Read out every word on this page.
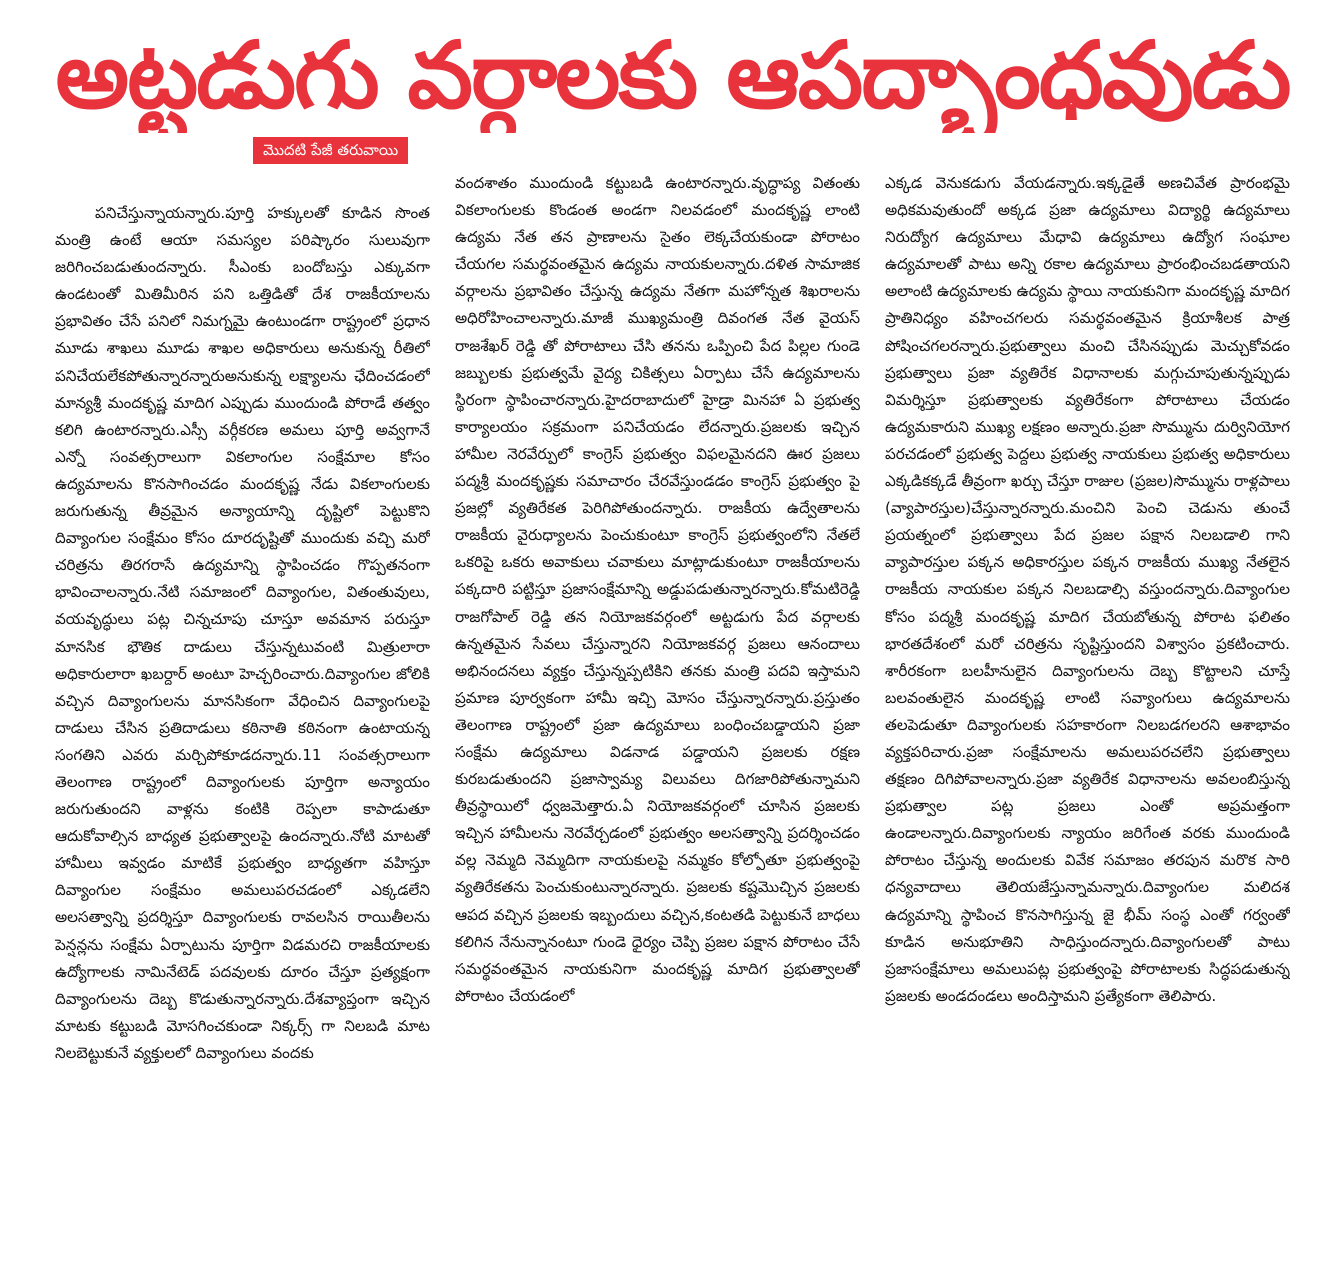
అట్టడుగు వర్గాలకు ఆపద్బాంధవుడు
మొదటి పేజీ తరువాయి
పనిచేస్తున్నాయన్నారు.పూర్తి హక్కులతో కూడిన సొంత మంత్రి ఉంటే ఆయా సమస్యల పరిష్కారం సులువుగా జరిగించబడుతుందన్నారు. సీఎంకు బందోబస్తు ఎక్కువగా ఉండటంతో మితిమీరిన పని ఒత్తిడితో దేశ రాజకీయాలను ప్రభావితం చేసే పనిలో నిమగ్నమై ఉంటుండగా రాష్ట్రంలో ప్రధాన మూడు శాఖలు మూడు శాఖల అధికారులు అనుకున్న రీతిలో పనిచేయలేకపోతున్నారన్నారుఅనుకున్న లక్ష్యాలను ఛేదించడంలో మాన్యశ్రీ మందకృష్ణ మాదిగ ఎప్పుడు ముందుండి పోరాడే తత్వం కలిగి ఉంటారన్నారు.ఎస్సీ వర్గీకరణ అమలు పూర్తి అవ్వగానే ఎన్నో సంవత్సరాలుగా వికలాంగుల సంక్షేమాల కోసం ఉద్యమాలను కొనసాగించడం మందకృష్ణ నేడు వికలాంగులకు జరుగుతున్న తీవ్రమైన అన్యాయాన్ని దృష్టిలో పెట్టుకొని దివ్యాంగుల సంక్షేమం కోసం దూరదృష్టితో ముందుకు వచ్చి మరో చరిత్రను తిరగరాసే ఉద్యమాన్ని స్థాపించడం గొప్పతనంగా భావించాలన్నారు.నేటి సమాజంలో దివ్యాంగుల, వితంతువులు, వయవృద్ధులు పట్ల చిన్నచూపు చూస్తూ అవమాన పరుస్తూ మానసిక భౌతిక దాడులు చేస్తున్నటువంటి మిత్రులారా అధికారులారా ఖబర్దార్ అంటూ హెచ్చరించారు.దివ్యాంగుల జోలికి వచ్చిన దివ్యాంగులను మానసికంగా వేధించిన దివ్యాంగులపై దాడులు చేసిన ప్రతిదాడులు కఠినాతి కఠినంగా ఉంటాయన్న సంగతిని ఎవరు మర్చిపోకూడదన్నారు.11 సంవత్సరాలుగా తెలంగాణ రాష్ట్రంలో దివ్యాంగులకు పూర్తిగా అన్యాయం జరుగుతుందని వాళ్లను కంటికి రెప్పలా కాపాడుతూ ఆదుకోవాల్సిన బాధ్యత ప్రభుత్వాలపై ఉందన్నారు.నోటి మాటతో హామీలు ఇవ్వడం మాటికే ప్రభుత్వం బాధ్యతగా వహిస్తూ దివ్యాంగుల సంక్షేమం అమలుపరచడంలో ఎక్కడలేని అలసత్వాన్ని ప్రదర్శిస్తూ దివ్యాంగులకు రావలసిన రాయితీలను పెన్షన్లను సంక్షేమ ఏర్పాటును పూర్తిగా విడమరచి రాజకీయాలకు ఉద్యోగాలకు నామినేటెడ్ పదవులకు దూరం చేస్తూ ప్రత్యక్షంగా దివ్యాంగులను దెబ్బ కొడుతున్నారన్నారు.దేశవ్యాప్తంగా ఇచ్చిన మాటకు కట్టుబడి మోసగించకుండా నిక్కర్స్ గా నిలబడి మాట నిలబెట్టుకునే వ్యక్తులలో దివ్యాంగులు వందకు
వందశాతం ముందుండి కట్టుబడి ఉంటారన్నారు.వృద్ధాప్య వితంతు వికలాంగులకు కొండంత అండగా నిలవడంలో మందకృష్ణ లాంటి ఉద్యమ నేత తన ప్రాణాలను సైతం లెక్కచేయకుండా పోరాటం చేయగల సమర్థవంతమైన ఉద్యమ నాయకులన్నారు.దళిత సామాజిక వర్గాలను ప్రభావితం చేస్తున్న ఉద్యమ నేతగా మహోన్నత శిఖరాలను అధిరోహించాలన్నారు.మాజీ ముఖ్యమంత్రి దివంగత నేత వైయస్ రాజశేఖర్ రెడ్డి తో పోరాటాలు చేసి తనను ఒప్పించి పేద పిల్లల గుండె జబ్బులకు ప్రభుత్వమే వైద్య చికిత్సలు ఏర్పాటు చేసే ఉద్యమాలను స్థిరంగా స్థాపించారన్నారు.హైదరాబాదులో హైడ్రా మినహా ఏ ప్రభుత్వ కార్యాలయం సక్రమంగా పనిచేయడం లేదన్నారు.ప్రజలకు ఇచ్చిన హామీల నెరవేర్పులో కాంగ్రెస్ ప్రభుత్వం విఫలమైనదని ఊర ప్రజలు పద్మశ్రీ మందకృష్ణకు సమాచారం చేరవేస్తుండడం కాంగ్రెస్ ప్రభుత్వం పై ప్రజల్లో వ్యతిరేకత పెరిగిపోతుందన్నారు. రాజకీయ ఉద్వేతాలను రాజకీయ వైరుధ్యాలను పెంచుకుంటూ కాంగ్రెస్ ప్రభుత్వంలోని నేతలే ఒకరిపై ఒకరు అవాకులు చవాకులు మాట్లాడుకుంటూ రాజకీయాలను పక్కదారి పట్టిస్తూ ప్రజాసంక్షేమాన్ని అడ్డుపడుతున్నారన్నారు.కోమటిరెడ్డి రాజగోపాల్ రెడ్డి తన నియోజకవర్గంలో అట్టడుగు పేద వర్గాలకు ఉన్నతమైన సేవలు చేస్తున్నారని నియోజకవర్గ ప్రజలు ఆనందాలు అభినందనలు వ్యక్తం చేస్తున్నప్పటికిని తనకు మంత్రి పదవి ఇస్తామని ప్రమాణ పూర్వకంగా హామీ ఇచ్చి మోసం చేస్తున్నారన్నారు.ప్రస్తుతం తెలంగాణ రాష్ట్రంలో ప్రజా ఉద్యమాలు బంధించబడ్డాయని ప్రజా సంక్షేమ ఉద్యమాలు విడనాడ పడ్డాయని ప్రజలకు రక్షణ కురబడుతుందని ప్రజాస్వామ్య విలువలు దిగజారిపోతున్నామని తీవ్రస్థాయిలో ధ్వజమెత్తారు.ఏ నియోజకవర్గంలో చూసిన ప్రజలకు ఇచ్చిన హామీలను నెరవేర్చడంలో ప్రభుత్వం అలసత్వాన్ని ప్రదర్శించడం వల్ల నెమ్మది నెమ్మదిగా నాయకులపై నమ్మకం కోల్పోతూ ప్రభుత్వంపై వ్యతిరేకతను పెంచుకుంటున్నారన్నారు. ప్రజలకు కష్టమొచ్చిన ప్రజలకు ఆపద వచ్చిన ప్రజలకు ఇబ్బందులు వచ్చిన,కంటతడి పెట్టుకునే బాధలు కలిగిన నేనున్నానంటూ గుండె ధైర్యం చెప్పి ప్రజల పక్షాన పోరాటం చేసే సమర్థవంతమైన నాయకునిగా మందకృష్ణ మాదిగ ప్రభుత్వాలతో పోరాటం చేయడంలో
ఎక్కడ వెనుకడుగు వేయడన్నారు.ఇక్కడైతే అణచివేత ప్రారంభమై అధికమవుతుందో అక్కడ ప్రజా ఉద్యమాలు విద్యార్థి ఉద్యమాలు నిరుద్యోగ ఉద్యమాలు మేధావి ఉద్యమాలు ఉద్యోగ సంఘాల ఉద్యమాలతో పాటు అన్ని రకాల ఉద్యమాలు ప్రారంభించబడతాయని అలాంటి ఉద్యమాలకు ఉద్యమ స్థాయి నాయకునిగా మందకృష్ణ మాదిగ ప్రాతినిధ్యం వహించగలరు సమర్థవంతమైన క్రియాశీలక పాత్ర పోషించగలరన్నారు.ప్రభుత్వాలు మంచి చేసినప్పుడు మెచ్చుకోవడం ప్రభుత్వాలు ప్రజా వ్యతిరేక విధానాలకు మగ్గుచూపుతున్నప్పుడు విమర్శిస్తూ ప్రభుత్వాలకు వ్యతిరేకంగా పోరాటాలు చేయడం ఉద్యమకారుని ముఖ్య లక్షణం అన్నారు.ప్రజా సొమ్మును దుర్వినియోగ పరచడంలో ప్రభుత్వ పెద్దలు ప్రభుత్వ నాయకులు ప్రభుత్వ అధికారులు ఎక్కడికక్కడే తీవ్రంగా ఖర్చు చేస్తూ రాజుల (ప్రజల)సొమ్మును రాళ్లపాలు (వ్యాపారస్తుల)చేస్తున్నారన్నారు.మంచిని పెంచి చెడును తుంచే ప్రయత్నంలో ప్రభుత్వాలు పేద ప్రజల పక్షాన నిలబడాలి గాని వ్యాపారస్తుల పక్కన అధికారస్తుల పక్కన రాజకీయ ముఖ్య నేతలైన రాజకీయ నాయకుల పక్కన నిలబడాల్సి వస్తుందన్నారు.దివ్యాంగుల కోసం పద్మశ్రీ మందకృష్ణ మాదిగ చేయబోతున్న పోరాట ఫలితం భారతదేశంలో మరో చరిత్రను సృష్టిస్తుందని విశ్వాసం ప్రకటించారు. శారీరకంగా బలహీనులైన దివ్యాంగులను దెబ్బ కొట్టాలని చూస్తే బలవంతులైన మందకృష్ణ లాంటి సవ్యాంగులు ఉద్యమాలను తలపెడుతూ దివ్యాంగులకు సహకారంగా నిలబడగలరని ఆశాభావం వ్యక్తపరిచారు.ప్రజా సంక్షేమాలను అమలుపరచలేని ప్రభుత్వాలు తక్షణం దిగిపోవాలన్నారు.ప్రజా వ్యతిరేక విధానాలను అవలంబిస్తున్న ప్రభుత్వాల పట్ల ప్రజలు ఎంతో అప్రమత్తంగా ఉండాలన్నారు.దివ్యాంగులకు న్యాయం జరిగేంత వరకు ముందుండి పోరాటం చేస్తున్న అందులకు వివేక సమాజం తరపున మరొక సారి ధన్యవాదాలు తెలియజేస్తున్నామన్నారు.దివ్యాంగుల మలిదశ ఉద్యమాన్ని స్థాపించ కొనసాగిస్తున్న జై భీమ్ సంస్థ ఎంతో గర్వంతో కూడిన అనుభూతిని సాధిస్తుందన్నారు.దివ్యాంగులతో పాటు ప్రజాసంక్షేమాలు అమలుపట్ల ప్రభుత్వంపై పోరాటాలకు సిద్ధపడుతున్న ప్రజలకు అండదండలు అందిస్తామని ప్రత్యేకంగా తెలిపారు.
